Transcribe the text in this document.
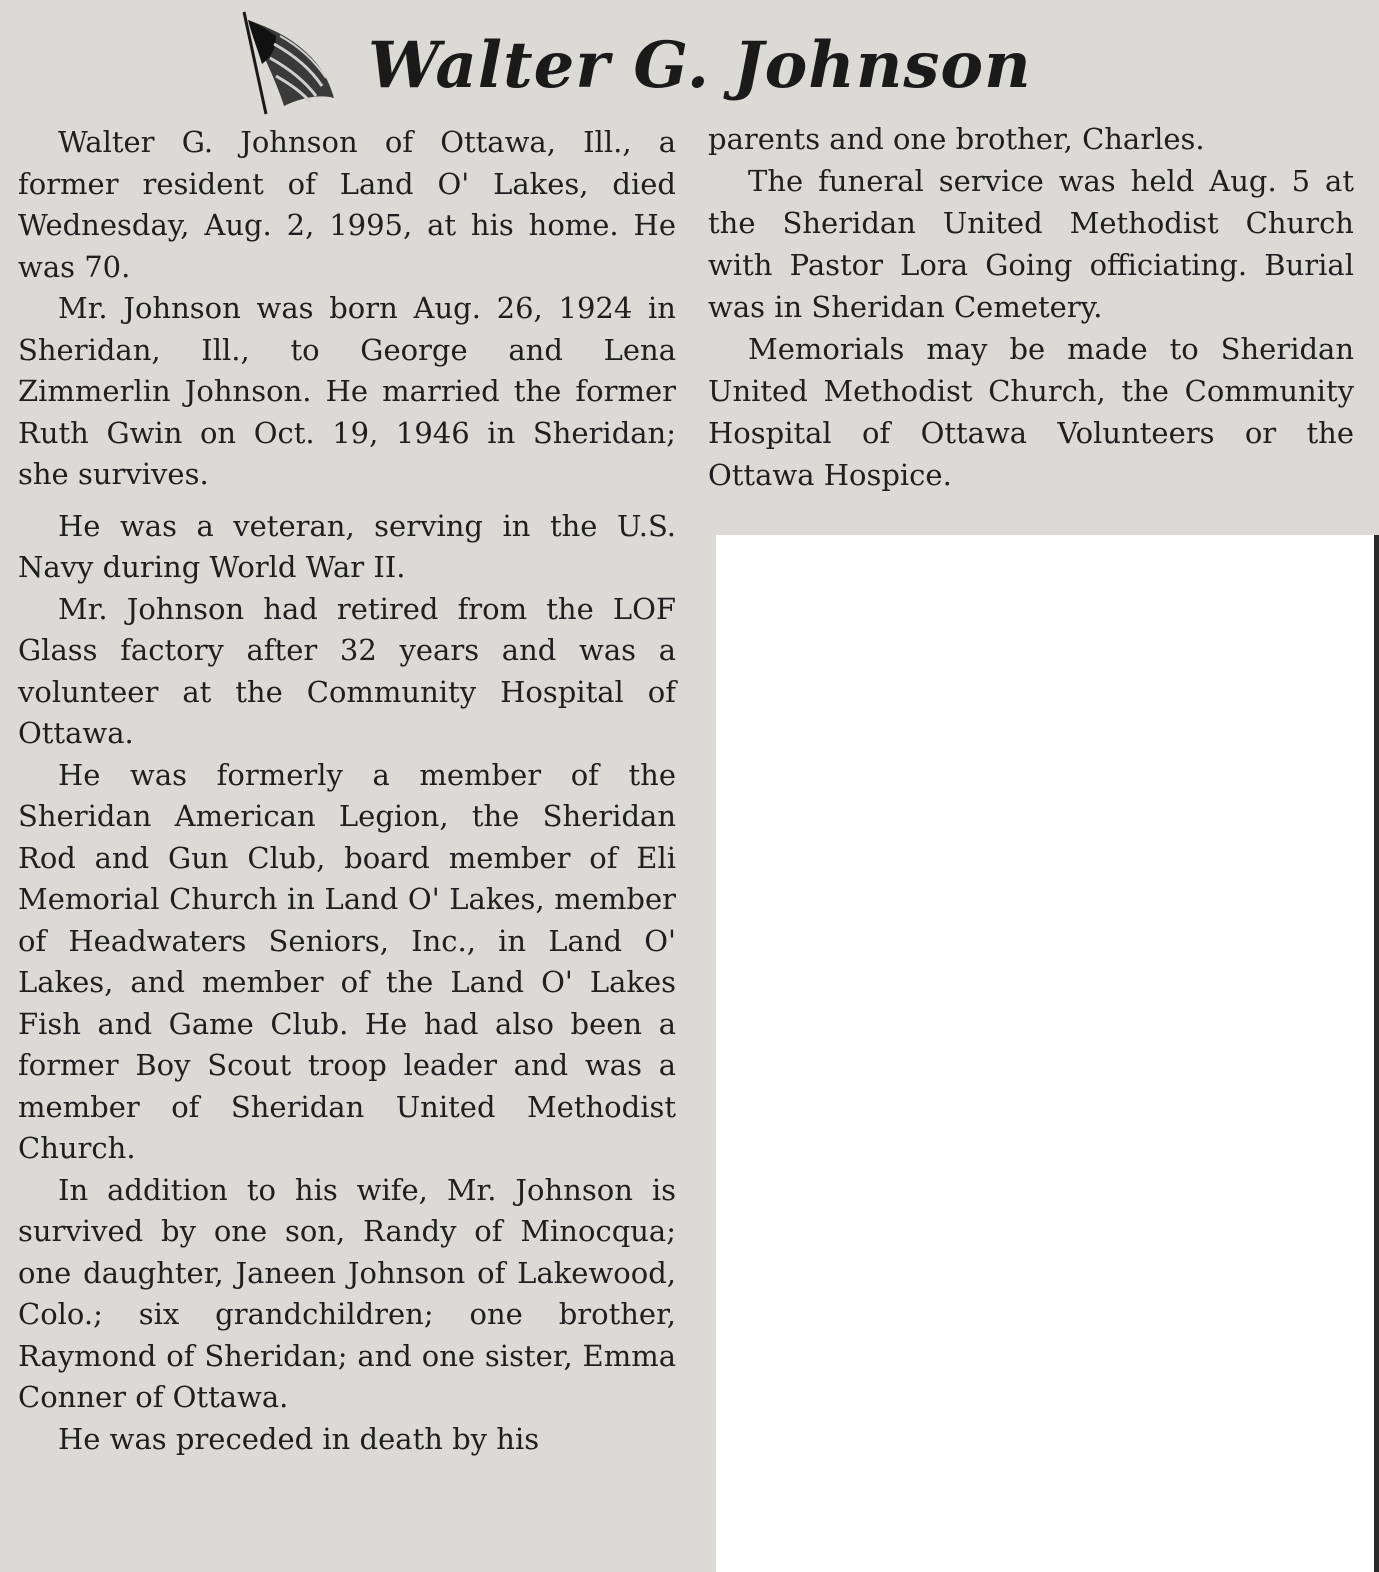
Walter G. Johnson

Walter G. Johnson of Ottawa, Ill., a former resident of Land O' Lakes, died Wednesday, Aug. 2, 1995, at his home. He was 70.

Mr. Johnson was born Aug. 26, 1924 in Sheridan, Ill., to George and Lena Zimmerlin Johnson. He married the former Ruth Gwin on Oct. 19, 1946 in Sheridan; she survives.

He was a veteran, serving in the U.S. Navy during World War II.

Mr. Johnson had retired from the LOF Glass factory after 32 years and was a volunteer at the Community Hospital of Ottawa.

He was formerly a member of the Sheridan American Legion, the Sheridan Rod and Gun Club, board member of Eli Memorial Church in Land O' Lakes, member of Headwaters Seniors, Inc., in Land O' Lakes, and member of the Land O' Lakes Fish and Game Club. He had also been a former Boy Scout troop leader and was a member of Sheridan United Methodist Church.

In addition to his wife, Mr. Johnson is survived by one son, Randy of Minocqua; one daughter, Janeen Johnson of Lakewood, Colo.; six grandchildren; one brother, Raymond of Sheridan; and one sister, Emma Conner of Ottawa.

He was preceded in death by his

parents and one brother, Charles.

The funeral service was held Aug. 5 at the Sheridan United Methodist Church with Pastor Lora Going officiating. Burial was in Sheridan Cemetery.

Memorials may be made to Sheridan United Methodist Church, the Community Hospital of Ottawa Volunteers or the Ottawa Hospice.
